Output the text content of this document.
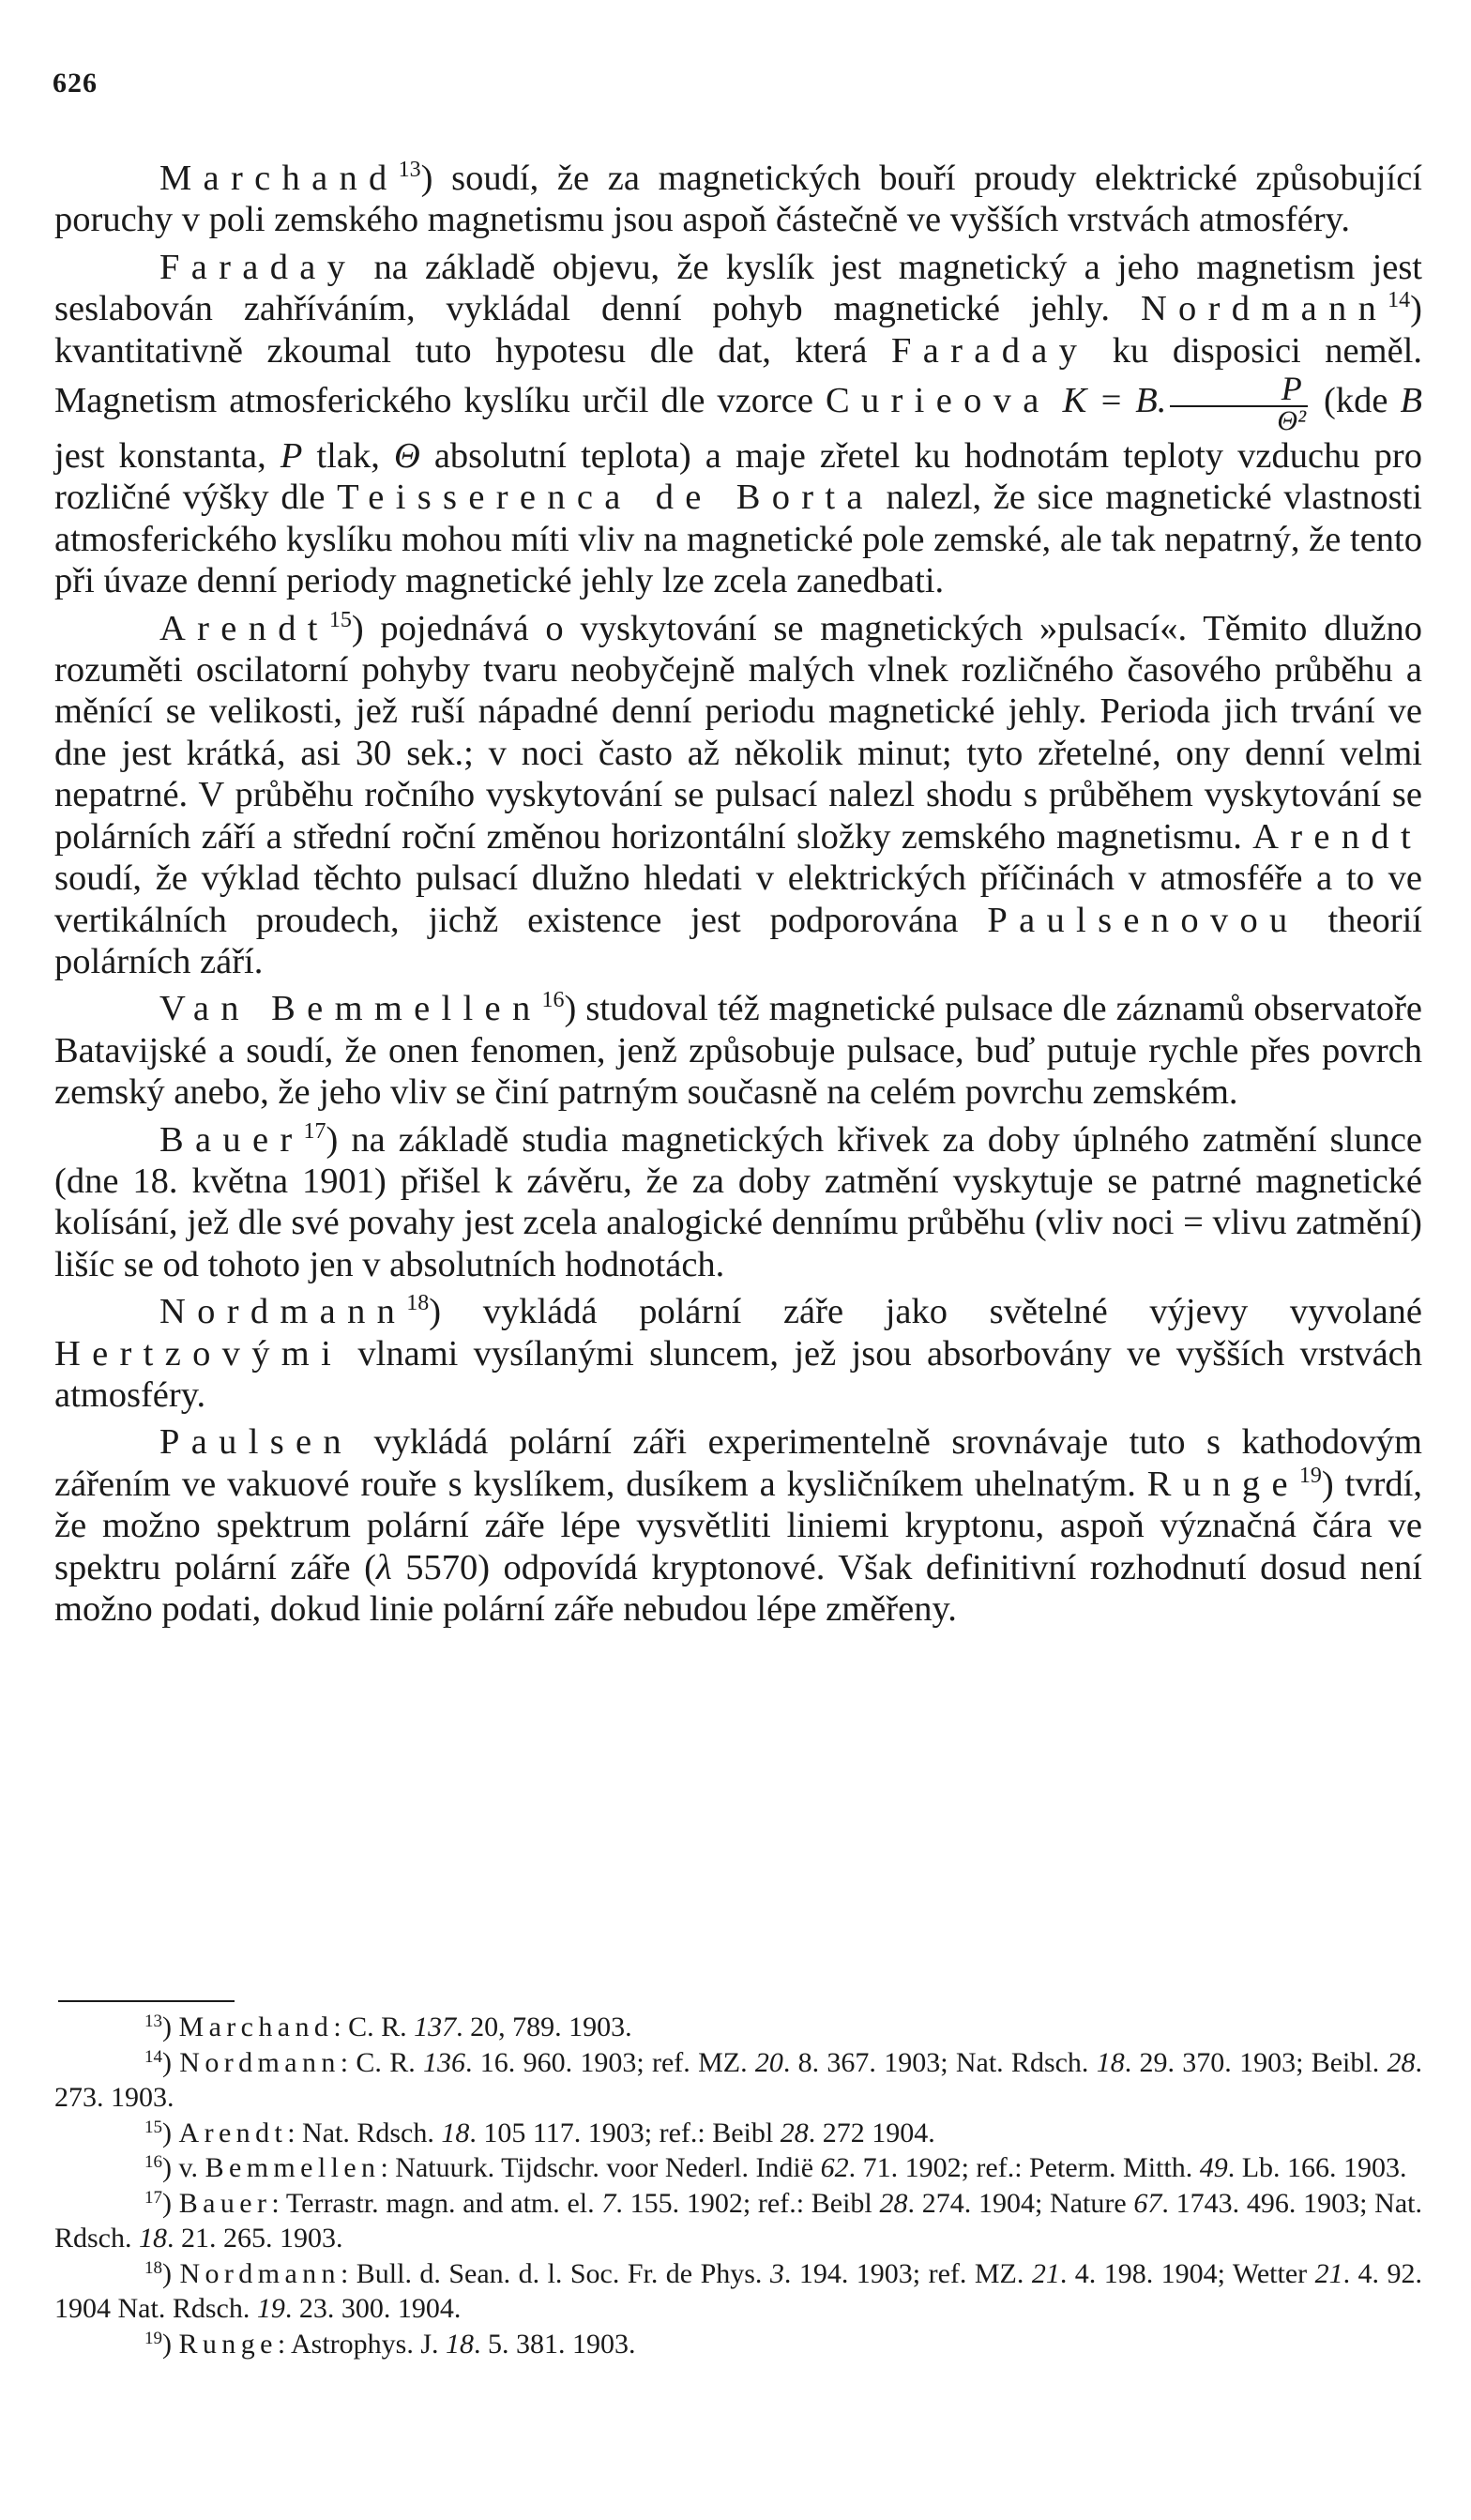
626

Marchand$^{13}$) soudí, že za magnetických bouří proudy elektrické způsobující poruchy v poli zemského magnetismu jsou aspoň částečně ve vyšších vrstvách atmosféry.

Faraday na základě objevu, že kyslík jest magnetický a jeho magnetism jest seslabován zahříváním, vykládal denní pohyb magnetické jehly. Nordmann$^{14}$) kvantitativně zkoumal tuto hypotesu dle dat, která Faraday ku disposici neměl. Magnetism atmosferického kyslíku určil dle vzorce Curieova K = B. $\frac{P}{\text{Θ²}} (kde$ B jest konstanta, P tlak, Θ absolutní teplota) a maje zřetel ku hodnotám teploty vzduchu pro rozličné výšky dle Teisserenca de Borta nalezl, že sice magnetické vlastnosti atmosferického kyslíku mohou míti vliv na magnetické pole zemské, ale tak nepatrný, že tento při úvaze denní periody magnetické jehly lze zcela zanedbati.

Arendt$^{15}$) pojednává o vyskytování se magnetických »pulsací«. Těmito dlužno rozuměti oscilatorní pohyby tvaru neobyčejně malých vlnek rozličného časového průběhu a měnící se velikosti, jež ruší nápadné denní periodu magnetické jehly. Perioda jich trvání ve dne jest krátká, asi 30 sek.; v noci často až několik minut; tyto zřetelné, ony denní velmi nepatrné. V průběhu ročního vyskytování se pulsací nalezl shodu s průběhem vyskytování se polárních září a střední roční změnou horizontální složky zemského magnetismu. Arendt soudí, že výklad těchto pulsací dlužno hledati v elektrických příčinách v atmosféře a to ve vertikálních proudech, jichž existence jest podporována Paulsenovou theorií polárních září.

Van Bemmellen$^{16}$) studoval též magnetické pulsace dle záznamů observatoře Batavijské a soudí, že onen fenomen, jenž způsobuje pulsace, buď putuje rychle přes povrch zemský anebo, že jeho vliv se činí patrným současně na celém povrchu zemském.

Bauer$^{17}$) na základě studia magnetických křivek za doby úplného zatmění slunce (dne 18. května 1901) přišel k závěru, že za doby zatmění vyskytuje se patrné magnetické kolísání, jež dle své povahy jest zcela analogické dennímu průběhu (vliv noci = vlivu zatmění) lišíc se od tohoto jen v absolutních hodnotách.

Nordmann$^{18}$) vykládá polární záře jako světelné výjevy vyvolané Hertzovými vlnami vysílanými sluncem, jež jsou absorbovány ve vyšších vrstvách atmosféry.

Paulsen vykládá polární záři experimentelně srovnávaje tuto s kathodovým zářením ve vakuové rouře s kyslíkem, dusíkem a kysličníkem uhelnatým. Runge$^{19}$) tvrdí, že možno spektrum polární záře lépe vysvětliti liniemi kryptonu, aspoň význačná čára ve spektru polární záře (λ 5570) odpovídá kryptonové. Však definitivní rozhodnutí dosud není možno podati, dokud linie polární záře nebudou lépe změřeny.

$^{13}$) Marchand: C. R. 137. 20, 789. 1903.

$^{14}$) Nordmann: C. R. 136. 16. 960. 1903; ref. MZ. 20. 8. 367. 1903; Nat. Rdsch. 18. 29. 370. 1903; Beibl. 28. 273. 1903.

$^{15}$) Arendt: Nat. Rdsch. 18. 105 117. 1903; ref.: Beibl 28. 272 1904.

$^{16}$) v. Bemmellen: Natuurk. Tijdschr. voor Nederl. Indië 62. 71. 1902; ref.: Peterm. Mitth. 49. Lb. 166. 1903.

$^{17}$) Bauer: Terrastr. magn. and atm. el. 7. 155. 1902; ref.: Beibl 28. 274. 1904; Nature 67. 1743. 496. 1903; Nat. Rdsch. 18. 21. 265. 1903.

$^{18}$) Nordmann: Bull. d. Sean. d. l. Soc. Fr. de Phys. 3. 194. 1903; ref. MZ. 21. 4. 198. 1904; Wetter 21. 4. 92. 1904 Nat. Rdsch. 19. 23. 300. 1904.

$^{19}$) Runge: Astrophys. J. 18. 5. 381. 1903.
